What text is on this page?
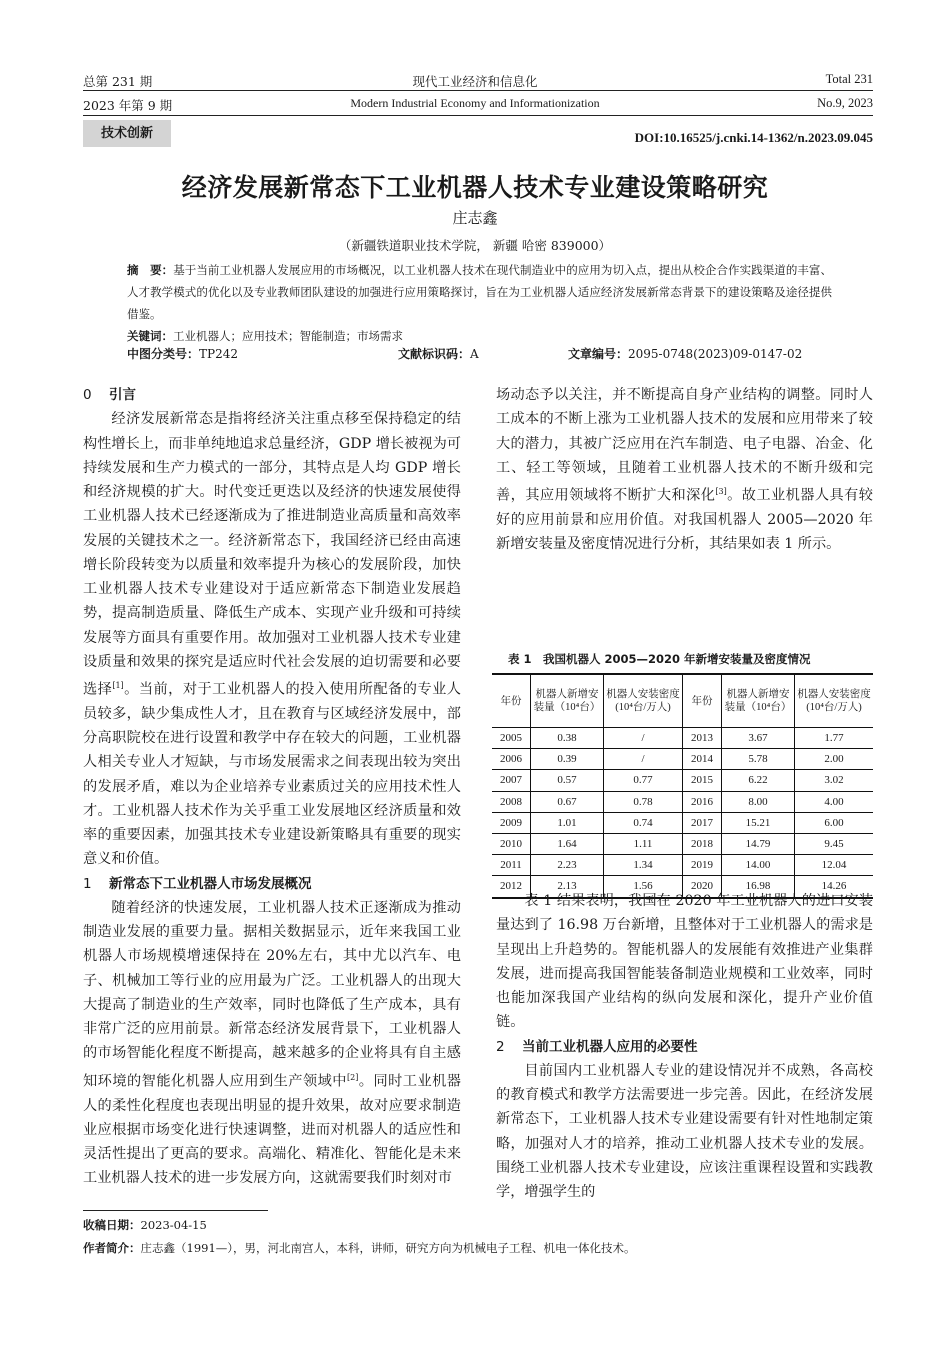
总第 231 期
2023 年第 9 期
现代工业经济和信息化
Modern Industrial Economy and Informationization
Total 231
No.9, 2023
技术创新	DOI:10.16525/j.cnki.14-1362/n.2023.09.045
经济发展新常态下工业机器人技术专业建设策略研究
庄志鑫
（新疆铁道职业技术学院， 新疆 哈密 839000）
摘　要：基于当前工业机器人发展应用的市场概况，以工业机器人技术在现代制造业中的应用为切入点，提出从校企合作实践渠道的丰富、人才教学模式的优化以及专业教师团队建设的加强进行应用策略探讨，旨在为工业机器人适应经济发展新常态背景下的建设策略及途径提供借鉴。
关键词：工业机器人；应用技术；智能制造；市场需求
中图分类号：TP242	文献标识码：A	文章编号：2095-0748(2023)09-0147-02
0 引言

经济发展新常态是指将经济关注重点移至保持稳定的结构性增长上，而非单纯地追求总量经济，GDP 增长被视为可持续发展和生产力模式的一部分，其特点是人均 GDP 增长和经济规模的扩大。时代变迁更迭以及经济的快速发展使得工业机器人技术已经逐渐成为了推进制造业高质量和高效率发展的关键技术之一。经济新常态下，我国经济已经由高速增长阶段转变为以质量和效率提升为核心的发展阶段，加快工业机器人技术专业建设对于适应新常态下制造业发展趋势，提高制造质量、降低生产成本、实现产业升级和可持续发展等方面具有重要作用。故加强对工业机器人技术专业建设质量和效果的探究是适应时代社会发展的迫切需要和必要选择[1]。当前，对于工业机器人的投入使用所配备的专业人员较多，缺少集成性人才，且在教育与区域经济发展中，部分高职院校在进行设置和教学中存在较大的问题，工业机器人相关专业人才短缺，与市场发展需求之间表现出较为突出的发展矛盾，难以为企业培养专业素质过关的应用技术性人才。工业机器人技术作为关乎重工业发展地区经济质量和效率的重要因素，加强其技术专业建设新策略具有重要的现实意义和价值。

1 新常态下工业机器人市场发展概况

随着经济的快速发展，工业机器人技术正逐渐成为推动制造业发展的重要力量。据相关数据显示，近年来我国工业机器人市场规模增速保持在 20%左右，其中尤以汽车、电子、机械加工等行业的应用最为广泛。工业机器人的出现大大提高了制造业的生产效率，同时也降低了生产成本，具有非常广泛的应用前景。新常态经济发展背景下，工业机器人的市场智能化程度不断提高，越来越多的企业将具有自主感知环境的智能化机器人应用到生产领域中[2]。同时工业机器人的柔性化程度也表现出明显的提升效果，故对应要求制造业应根据市场变化进行快速调整，进而对机器人的适应性和灵活性提出了更高的要求。高端化、精准化、智能化是未来工业机器人技术的进一步发展方向，这就需要我们时刻对市

表 1　我国机器人 2005—2020 年新增安装量及密度情况
年份	机器人新增安装量（10⁴台）	机器人安装密度(10⁴台/万人)	年份	机器人新增安装量（10⁴台）	机器人安装密度(10⁴台/万人)
2005	0.38	/	2013	3.67	1.77
2006	0.39	/	2014	5.78	2.00
2007	0.57	0.77	2015	6.22	3.02
2008	0.67	0.78	2016	8.00	4.00
2009	1.01	0.74	2017	15.21	6.00
2010	1.64	1.11	2018	14.79	9.45
2011	2.23	1.34	2019	14.00	12.04
2012	2.13	1.56	2020	16.98	14.26
场动态予以关注，并不断提高自身产业结构的调整。同时人工成本的不断上涨为工业机器人技术的发展和应用带来了较大的潜力，其被广泛应用在汽车制造、电子电器、冶金、化工、轻工等领域，且随着工业机器人技术的不断升级和完善，其应用领域将不断扩大和深化[3]。故工业机器人具有较好的应用前景和应用价值。对我国机器人 2005—2020 年新增安装量及密度情况进行分析，其结果如表 1 所示。

表 1 结果表明，我国在 2020 年工业机器人的进口安装量达到了 16.98 万台新增，且整体对于工业机器人的需求是呈现出上升趋势的。智能机器人的发展能有效推进产业集群发展，进而提高我国智能装备制造业规模和工业效率，同时也能加深我国产业结构的纵向发展和深化，提升产业价值链。

2 当前工业机器人应用的必要性

目前国内工业机器人专业的建设情况并不成熟，各高校的教育模式和教学方法需要进一步完善。因此，在经济发展新常态下，工业机器人技术专业建设需要有针对性地制定策略，加强对人才的培养，推动工业机器人技术专业的发展。围绕工业机器人技术专业建设，应该注重课程设置和实践教学，增强学生的

收稿日期：2023-04-15
作者简介：庄志鑫（1991—），男，河北南宫人，本科，讲师，研究方向为机械电子工程、机电一体化技术。
